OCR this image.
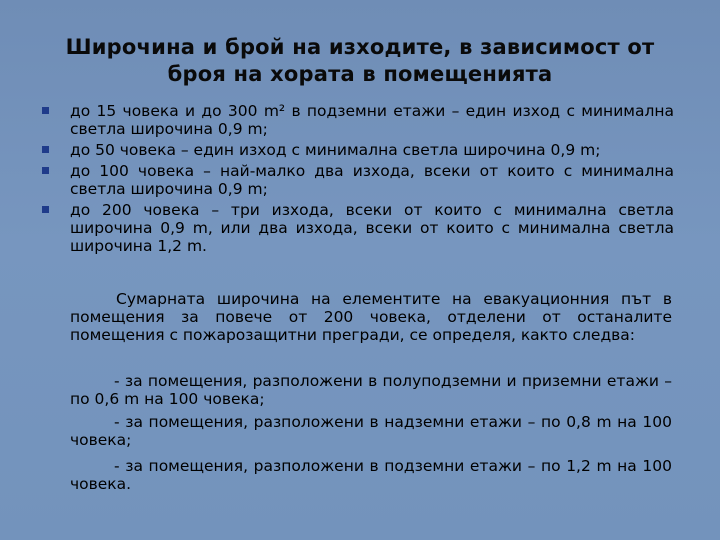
Широчина и брой на изходите, в зависимост от
броя на хората в помещенията
до 15 човека и до 300 m² в подземни етажи – един изход с минимална светла широчина 0,9 m;
до 50 човека – един изход с минимална светла широчина 0,9 m;
до 100 човека – най-малко два изхода, всеки от които с минимална светла широчина 0,9 m;
до 200 човека – три изхода, всеки от които с минимална светла широчина 0,9 m, или два изхода, всеки от които с минимална светла широчина 1,2 m.

Сумарната широчина на елементите на евакуационния път в помещения за повече от 200 човека, отделени от останалите помещения с пожарозащитни прегради, се определя, както следва:

- за помещения, разположени в полуподземни и приземни етажи – по 0,6 m на 100 човека;

- за помещения, разположени в надземни етажи – по 0,8 m на 100 човека;

- за помещения, разположени в подземни етажи – по 1,2 m на 100 човека.
